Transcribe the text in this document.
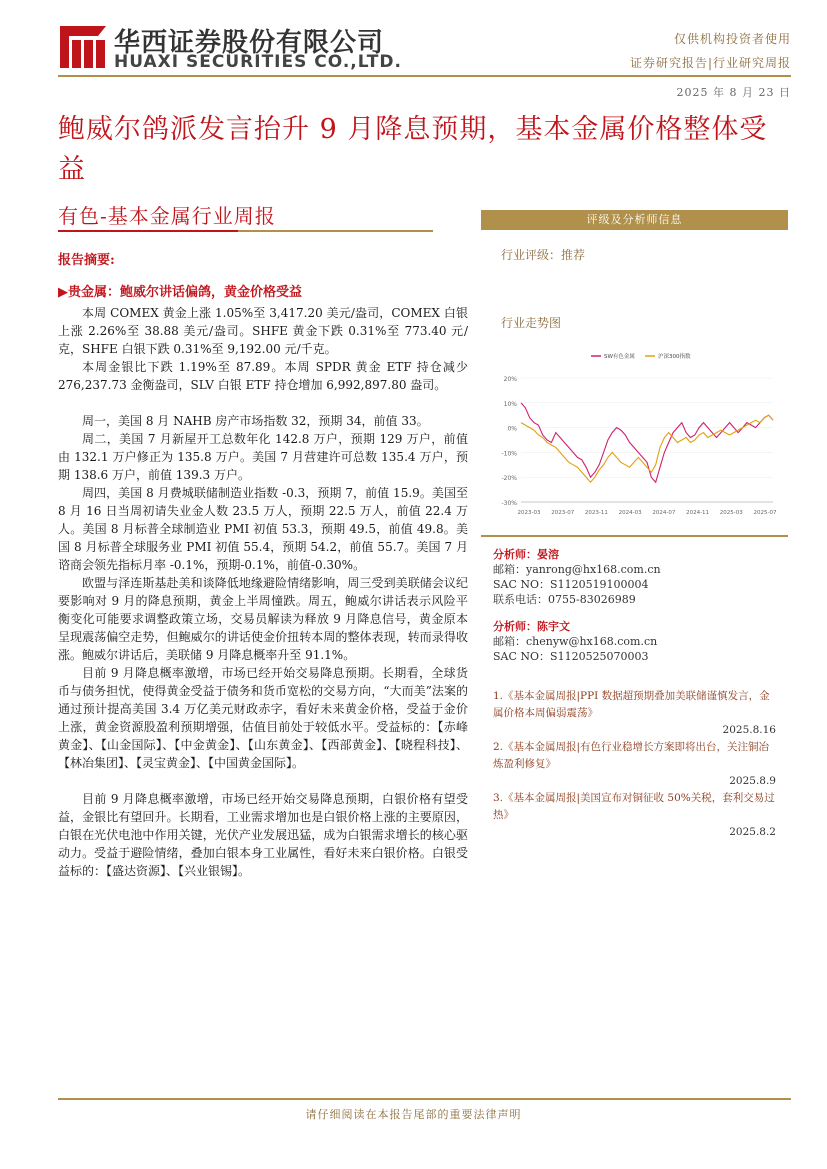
华西证券股份有限公司
HUAXI SECURITIES CO.,LTD.
仅供机构投资者使用
证券研究报告|行业研究周报
2025 年 8 月 23 日
鲍威尔鸽派发言抬升 9 月降息预期，基本金属价格整体受益
有色-基本金属行业周报
报告摘要:
▶贵金属：鲍威尔讲话偏鸽，黄金价格受益

本周 COMEX 黄金上涨 1.05%至 3,417.20 美元/盎司，COMEX 白银上涨 2.26%至 38.88 美元/盎司。SHFE 黄金下跌 0.31%至 773.40 元/克，SHFE 白银下跌 0.31%至 9,192.00 元/千克。

本周金银比下跌 1.19%至 87.89。本周 SPDR 黄金 ETF 持仓减少 276,237.73 金衡盎司，SLV 白银 ETF 持仓增加 6,992,897.80 盎司。

周一，美国 8 月 NAHB 房产市场指数 32，预期 34，前值 33。

周二，美国 7 月新屋开工总数年化 142.8 万户，预期 129 万户，前值由 132.1 万户修正为 135.8 万户。美国 7 月营建许可总数 135.4 万户，预期 138.6 万户，前值 139.3 万户。

周四，美国 8 月费城联储制造业指数 -0.3，预期 7，前值 15.9。美国至 8 月 16 日当周初请失业金人数 23.5 万人，预期 22.5 万人，前值 22.4 万人。美国 8 月标普全球制造业 PMI 初值 53.3，预期 49.5，前值 49.8。美国 8 月标普全球服务业 PMI 初值 55.4，预期 54.2，前值 55.7。美国 7 月谘商会领先指标月率 -0.1%，预期-0.1%，前值-0.30%。

欧盟与泽连斯基赴美和谈降低地缘避险情绪影响，周三受到美联储会议纪要影响对 9 月的降息预期，黄金上半周憧跌。周五，鲍威尔讲话表示风险平衡变化可能要求调整政策立场，交易员解读为释放 9 月降息信号，黄金原本呈现震荡偏空走势，但鲍威尔的讲话使金价扭转本周的整体表现，转而录得收涨。鲍威尔讲话后，美联储 9 月降息概率升至 91.1%。

目前 9 月降息概率激增，市场已经开始交易降息预期。长期看，全球货币与债务担忧，使得黄金受益于债务和货币宽松的交易方向，“大而美”法案的通过预计提高美国 3.4 万亿美元财政赤字，看好未来黄金价格，受益于金价上涨，黄金资源股盈利预期增强，估值目前处于较低水平。受益标的：【赤峰黄金】、【山金国际】、【中金黄金】、【山东黄金】、【西部黄金】、【晓程科技】、【林冶集团】、【灵宝黄金】、【中国黄金国际】。

目前 9 月降息概率激增，市场已经开始交易降息预期，白银价格有望受益，金银比有望回升。长期看，工业需求增加也是白银价格上涨的主要原因，白银在光伏电池中作用关键，光伏产业发展迅猛，成为白银需求增长的核心驱动力。受益于避险情绪，叠加白银本身工业属性，看好未来白银价格。白银受益标的：【盛达资源】、【兴业银锡】。

评级及分析师信息
行业评级：推荐
行业走势图
20%
10%
0%
-10%
-20%
-30%
2023-03 2023-07 2023-11 2024-03 2024-07 2024-11 2025-03 2025-07
SW有色金属	沪深300指数
分析师：晏溶
邮箱：yanrong@hx168.com.cn
SAC NO：S1120519100004
联系电话：0755-83026989
分析师：陈宇文
邮箱：chenyw@hx168.com.cn
SAC NO：S1120525070003
1.《基本金属周报|PPI 数据超预期叠加美联储谨慎发言，金属价格本周偏弱震荡》
2025.8.16
2.《基本金属周报|有色行业稳增长方案即将出台，关注铜冶炼盈利修复》
2025.8.9
3.《基本金属周报|美国宣布对铜征收 50%关税，套利交易过热》
2025.8.2
请仔细阅读在本报告尾部的重要法律声明
